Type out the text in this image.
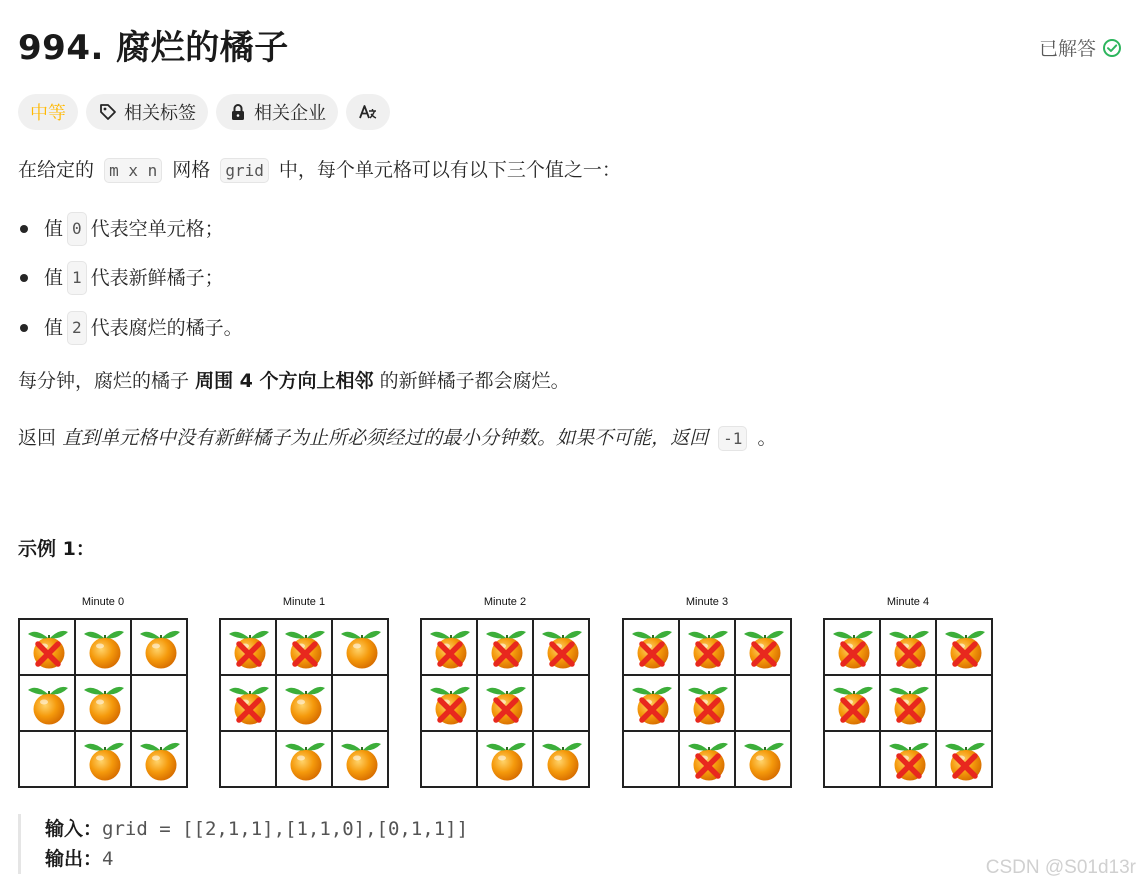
994. 腐烂的橘子	已解答
中等	相关标签	相关企业
在给定的 m x n 网格 grid 中，每个单元格可以有以下三个值之一：
值 0 代表空单元格；
值 1 代表新鲜橘子；
值 2 代表腐烂的橘子。
每分钟，腐烂的橘子 周围 4 个方向上相邻 的新鲜橘子都会腐烂。
返回 直到单元格中没有新鲜橘子为止所必须经过的最小分钟数。如果不可能，返回 -1 。
示例 1：
Minute 0	Minute 1	Minute 2	Minute 3	Minute 4
输入：grid = [[2,1,1],[1,1,0],[0,1,1]]
输出：4	CSDN @S01d13r
